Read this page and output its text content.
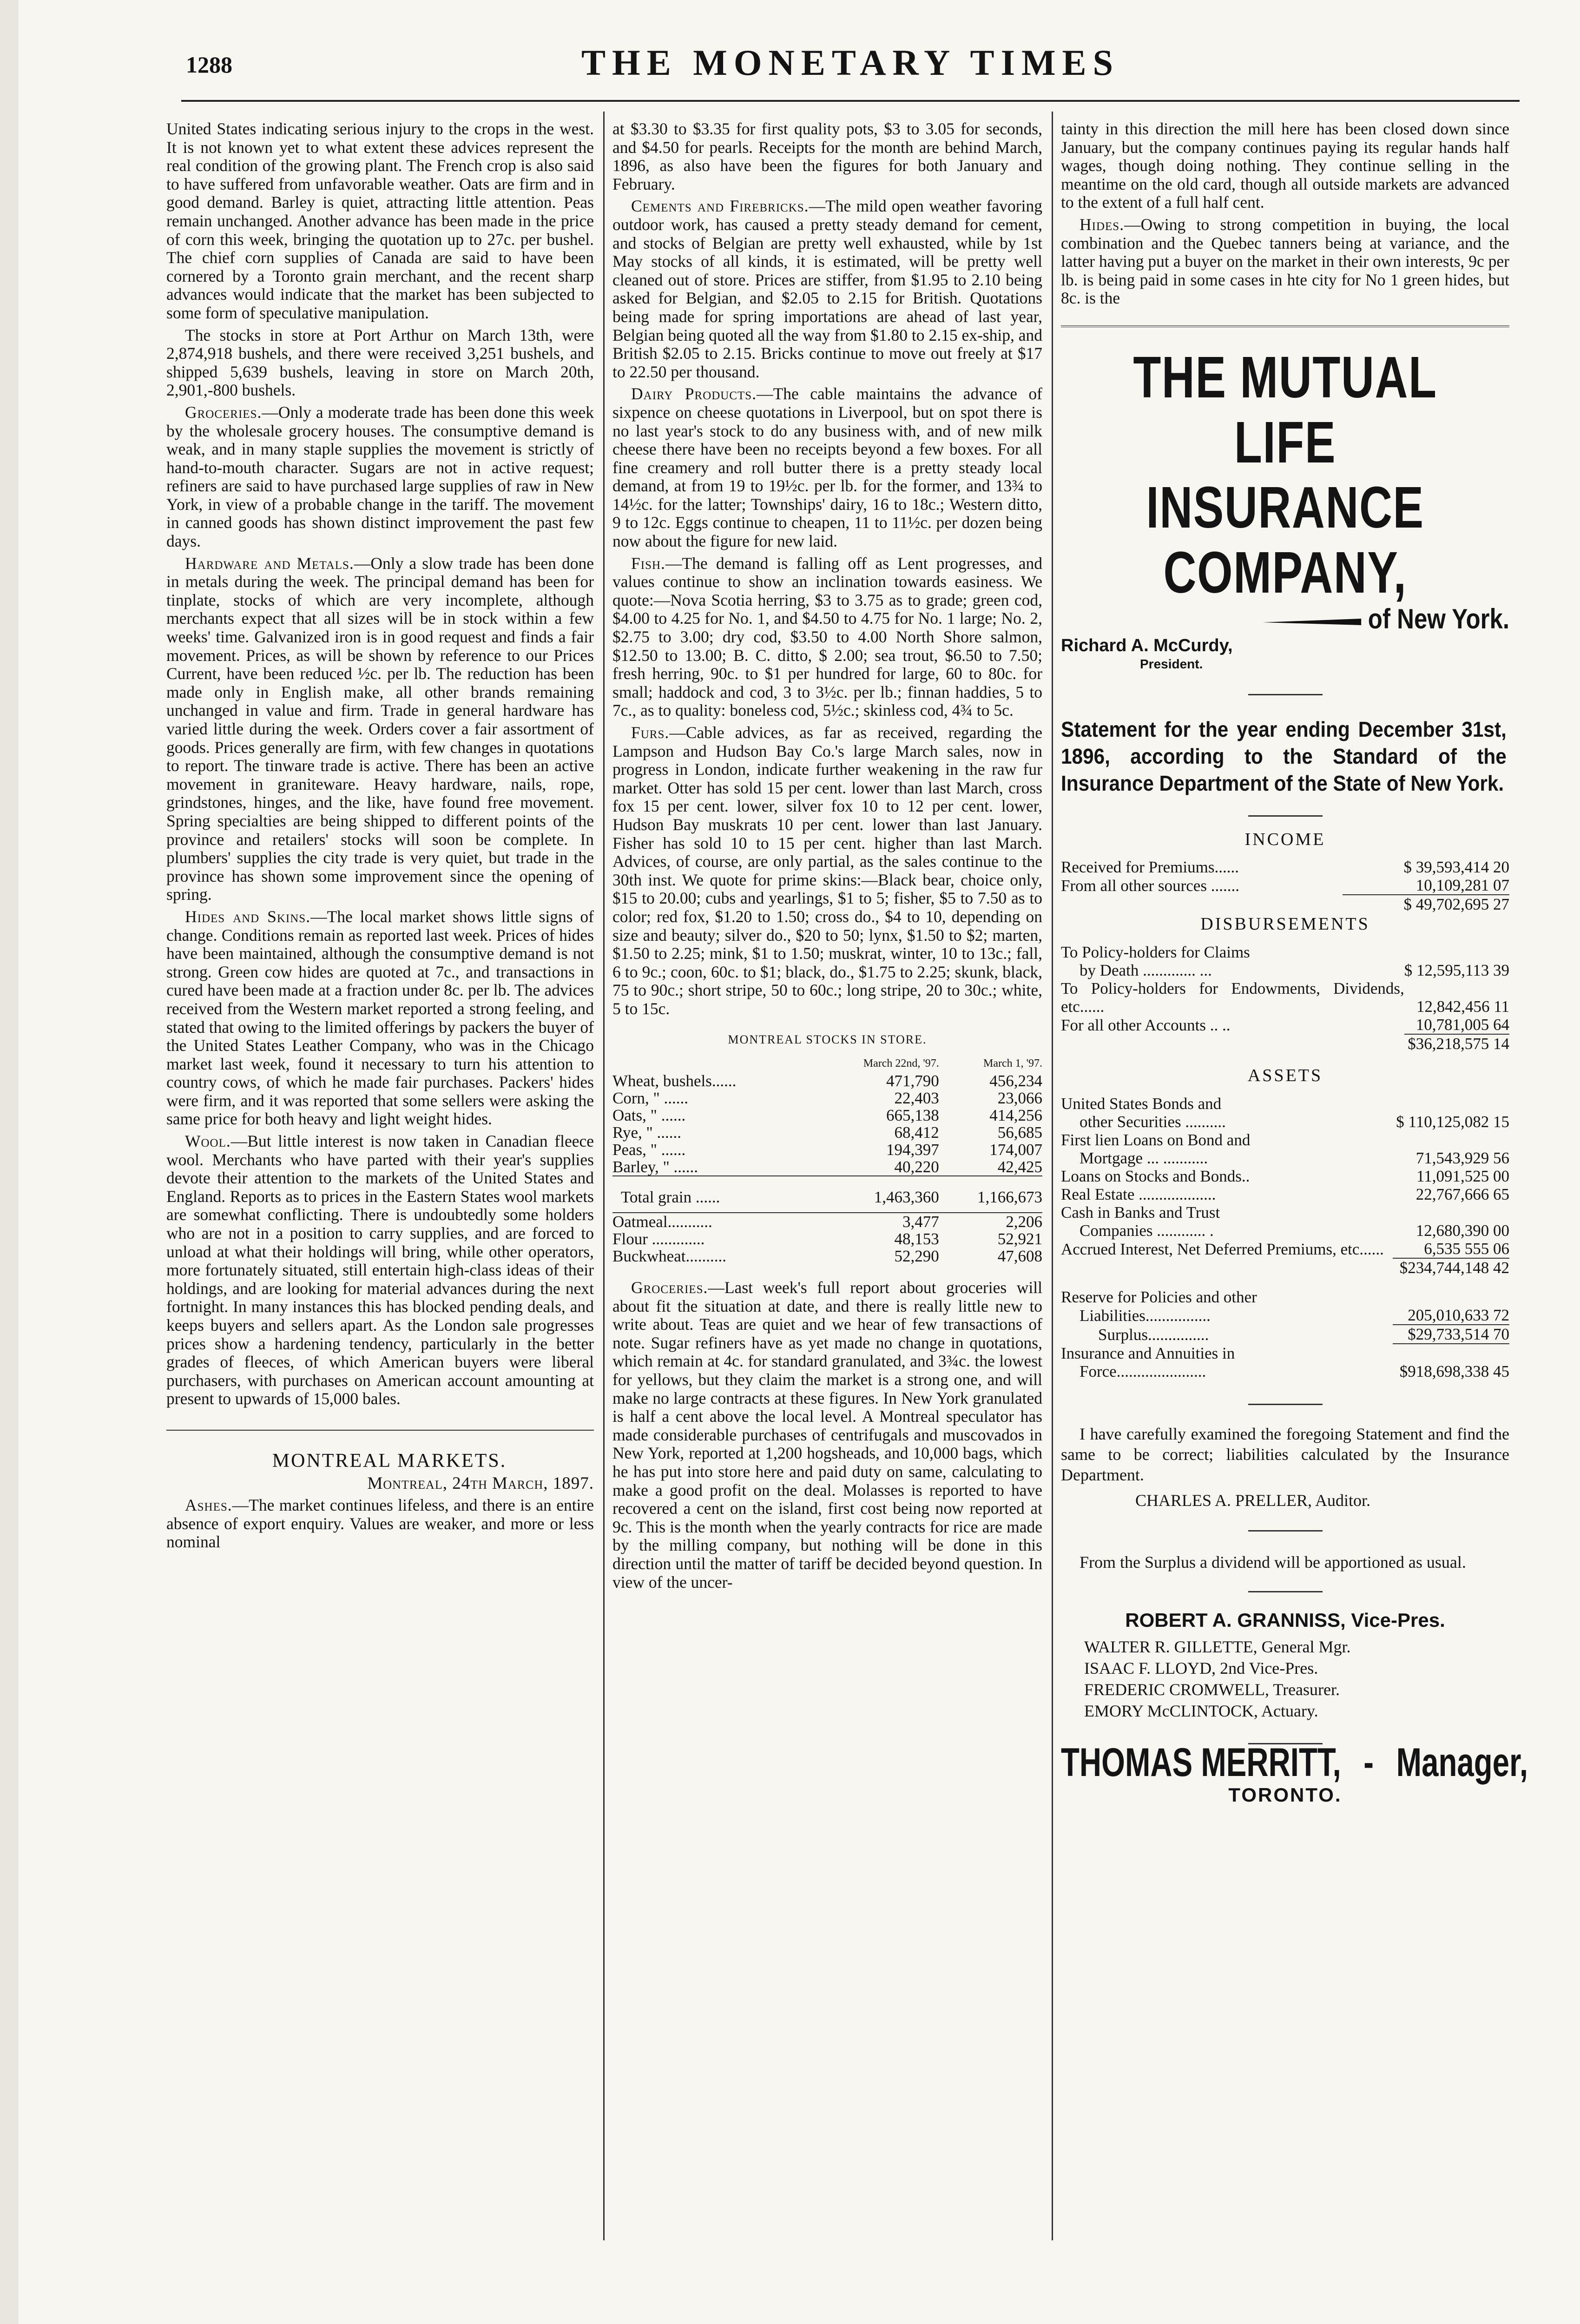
THE MONETARY TIMES
1288

United States indicating serious injury to the crops in the west. It is not known yet to what extent these advices represent the real condition of the growing plant. The French crop is also said to have suffered from unfavorable weather. Oats are firm and in good demand. Barley is quiet, attracting little attention. Peas remain unchanged. Another advance has been made in the price of corn this week, bringing the quotation up to 27c. per bushel. The chief corn supplies of Canada are said to have been cornered by a Toronto grain merchant, and the recent sharp advances would indicate that the market has been subjected to some form of speculative manipulation.

The stocks in store at Port Arthur on March 13th, were 2,874,918 bushels, and there were received 3,251 bushels, and shipped 5,639 bushels, leaving in store on March 20th, 2,901,-800 bushels.

Groceries.—Only a moderate trade has been done this week by the wholesale grocery houses. The consumptive demand is weak, and in many staple supplies the movement is strictly of hand-to-mouth character. Sugars are not in active request; refiners are said to have purchased large supplies of raw in New York, in view of a probable change in the tariff. The movement in canned goods has shown distinct improvement the past few days.

Hardware and Metals.—Only a slow trade has been done in metals during the week. The principal demand has been for tinplate, stocks of which are very incomplete, although merchants expect that all sizes will be in stock within a few weeks' time. Galvanized iron is in good request and finds a fair movement. Prices, as will be shown by reference to our Prices Current, have been reduced ½c. per lb. The reduction has been made only in English make, all other brands remaining unchanged in value and firm. Trade in general hardware has varied little during the week. Orders cover a fair assortment of goods. Prices generally are firm, with few changes in quotations to report. The tinware trade is active. There has been an active movement in graniteware. Heavy hardware, nails, rope, grindstones, hinges, and the like, have found free movement. Spring specialties are being shipped to different points of the province and retailers' stocks will soon be complete. In plumbers' supplies the city trade is very quiet, but trade in the province has shown some improvement since the opening of spring.

Hides and Skins.—The local market shows little signs of change. Conditions remain as reported last week. Prices of hides have been maintained, although the consumptive demand is not strong. Green cow hides are quoted at 7c., and transactions in cured have been made at a fraction under 8c. per lb. The advices received from the Western market reported a strong feeling, and stated that owing to the limited offerings by packers the buyer of the United States Leather Company, who was in the Chicago market last week, found it necessary to turn his attention to country cows, of which he made fair purchases. Packers' hides were firm, and it was reported that some sellers were asking the same price for both heavy and light weight hides.

Wool.—But little interest is now taken in Canadian fleece wool. Merchants who have parted with their year's supplies devote their attention to the markets of the United States and England. Reports as to prices in the Eastern States wool markets are somewhat conflicting. There is undoubtedly some holders who are not in a position to carry supplies, and are forced to unload at what their holdings will bring, while other operators, more fortunately situated, still entertain high-class ideas of their holdings, and are looking for material advances during the next fortnight. In many instances this has blocked pending deals, and keeps buyers and sellers apart. As the London sale progresses prices show a hardening tendency, particularly in the better grades of fleeces, of which American buyers were liberal purchasers, with purchases on American account amounting at present to upwards of 15,000 bales.

MONTREAL MARKETS.

Montreal, 24th March, 1897.

Ashes.—The market continues lifeless, and there is an entire absence of export enquiry. Values are weaker, and more or less nominal

at $3.30 to $3.35 for first quality pots, $3 to 3.05 for seconds, and $4.50 for pearls. Receipts for the month are behind March, 1896, as also have been the figures for both January and February.

Cements and Firebricks.—The mild open weather favoring outdoor work, has caused a pretty steady demand for cement, and stocks of Belgian are pretty well exhausted, while by 1st May stocks of all kinds, it is estimated, will be pretty well cleaned out of store. Prices are stiffer, from $1.95 to 2.10 being asked for Belgian, and $2.05 to 2.15 for British. Quotations being made for spring importations are ahead of last year, Belgian being quoted all the way from $1.80 to 2.15 ex-ship, and British $2.05 to 2.15. Bricks continue to move out freely at $17 to 22.50 per thousand.

Dairy Products.—The cable maintains the advance of sixpence on cheese quotations in Liverpool, but on spot there is no last year's stock to do any business with, and of new milk cheese there have been no receipts beyond a few boxes. For all fine creamery and roll butter there is a pretty steady local demand, at from 19 to 19½c. per lb. for the former, and 13¾ to 14½c. for the latter; Townships' dairy, 16 to 18c.; Western ditto, 9 to 12c. Eggs continue to cheapen, 11 to 11½c. per dozen being now about the figure for new laid.

Fish.—The demand is falling off as Lent progresses, and values continue to show an inclination towards easiness. We quote:—Nova Scotia herring, $3 to 3.75 as to grade; green cod, $4.00 to 4.25 for No. 1, and $4.50 to 4.75 for No. 1 large; No. 2, $2.75 to 3.00; dry cod, $3.50 to 4.00 North Shore salmon, $12.50 to 13.00; B. C. ditto, $ 2.00; sea trout, $6.50 to 7.50; fresh herring, 90c. to $1 per hundred for large, 60 to 80c. for small; haddock and cod, 3 to 3½c. per lb.; finnan haddies, 5 to 7c., as to quality: boneless cod, 5½c.; skinless cod, 4¾ to 5c.

Furs.—Cable advices, as far as received, regarding the Lampson and Hudson Bay Co.'s large March sales, now in progress in London, indicate further weakening in the raw fur market. Otter has sold 15 per cent. lower than last March, cross fox 15 per cent. lower, silver fox 10 to 12 per cent. lower, Hudson Bay muskrats 10 per cent. lower than last January. Fisher has sold 10 to 15 per cent. higher than last March. Advices, of course, are only partial, as the sales continue to the 30th inst. We quote for prime skins:—Black bear, choice only, $15 to 20.00; cubs and yearlings, $1 to 5; fisher, $5 to 7.50 as to color; red fox, $1.20 to 1.50; cross do., $4 to 10, depending on size and beauty; silver do., $20 to 50; lynx, $1.50 to $2; marten, $1.50 to 2.25; mink, $1 to 1.50; muskrat, winter, 10 to 13c.; fall, 6 to 9c.; coon, 60c. to $1; black, do., $1.75 to 2.25; skunk, black, 75 to 90c.; short stripe, 50 to 60c.; long stripe, 20 to 30c.; white, 5 to 15c.

MONTREAL STOCKS IN STORE.
	March 22nd, '97.	March 1, '97.
Wheat, bushels......	471,790	456,234
Corn, " ......	22,403	23,066
Oats, " ......	665,138	414,256
Rye, " ......	68,412	56,685
Peas, " ......	194,397	174,007
Barley, " ......	40,220	42,425
Total grain ......	1,463,360	1,166,673
Oatmeal...........	3,477	2,206
Flour .............	48,153	52,921
Buckwheat..........	52,290	47,608

Groceries.—Last week's full report about groceries will about fit the situation at date, and there is really little new to write about. Teas are quiet and we hear of few transactions of note. Sugar refiners have as yet made no change in quotations, which remain at 4c. for standard granulated, and 3¾c. the lowest for yellows, but they claim the market is a strong one, and will make no large contracts at these figures. In New York granulated is half a cent above the local level. A Montreal speculator has made considerable purchases of centrifugals and muscovados in New York, reported at 1,200 hogsheads, and 10,000 bags, which he has put into store here and paid duty on same, calculating to make a good profit on the deal. Molasses is reported to have recovered a cent on the island, first cost being now reported at 9c. This is the month when the yearly contracts for rice are made by the milling company, but nothing will be done in this direction until the matter of tariff be decided beyond question. In view of the uncer-

tainty in this direction the mill here has been closed down since January, but the company continues paying its regular hands half wages, though doing nothing. They continue selling in the meantime on the old card, though all outside markets are advanced to the extent of a full half cent.

Hides.—Owing to strong competition in buying, the local combination and the Quebec tanners being at variance, and the latter having put a buyer on the market in their own interests, 9c per lb. is being paid in some cases in hte city for No 1 green hides, but 8c. is the

THE MUTUAL LIFE
INSURANCE
COMPANY,
of New York.
Richard A. McCurdy,
President.
Statement for the year ending December 31st, 1896, according to the Standard of the Insurance Department of the State of New York.
INCOME
Received for Premiums......	$ 39,593,414 20
From all other sources .......	10,109,281 07
	$ 49,702,695 27
DISBURSEMENTS
To Policy-holders for Claims	
by Death ............. ...	$ 12,595,113 39
To Policy-holders for Endowments, Dividends, etc......	12,842,456 11
For all other Accounts .. ..	10,781,005 64
	$36,218,575 14
ASSETS
United States Bonds and	
other Securities ..........	$ 110,125,082 15
First lien Loans on Bond and	
Mortgage ... ...........	71,543,929 56
Loans on Stocks and Bonds..	11,091,525 00
Real Estate ...................	22,767,666 65
Cash in Banks and Trust	
Companies ............ .	12,680,390 00
Accrued Interest, Net Deferred Premiums, etc......	6,535 555 06
	$234,744,148 42
Reserve for Policies and other	
Liabilities................	205,010,633 72
Surplus...............	$29,733,514 70
Insurance and Annuities in	
Force......................	$918,698,338 45
I have carefully examined the foregoing Statement and find the same to be correct; liabilities calculated by the Insurance Department.
CHARLES A. PRELLER, Auditor.
From the Surplus a dividend will be apportioned as usual.
ROBERT A. GRANNISS, Vice-Pres.
WALTER R. GILLETTE, General Mgr.
ISAAC F. LLOYD, 2nd Vice-Pres.
FREDERIC CROMWELL, Treasurer.
EMORY McCLINTOCK, Actuary.
THOMAS MERRITT, - Manager,
TORONTO.
